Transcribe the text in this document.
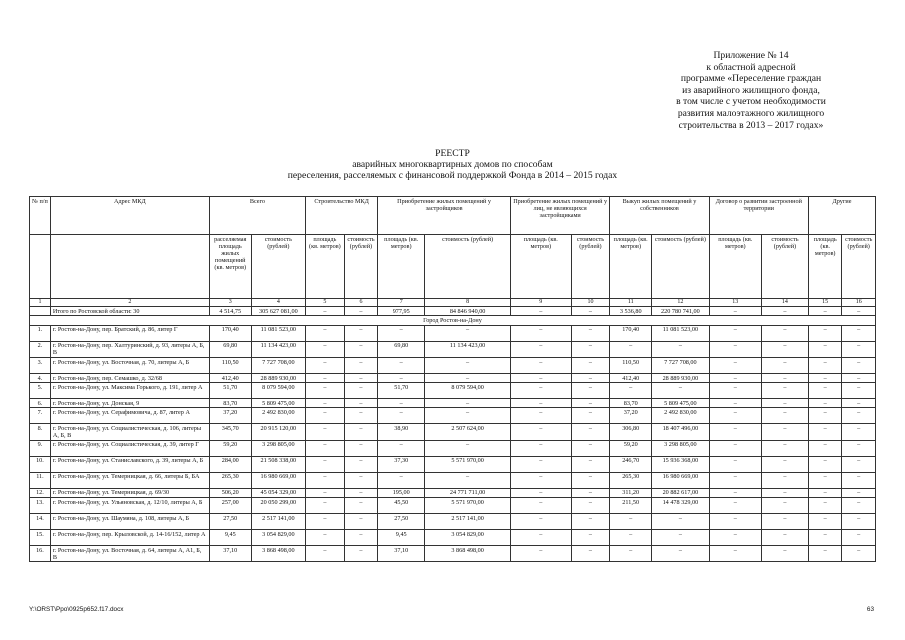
Приложение № 14
к областной адресной
программе «Переселение граждан
из аварийного жилищного фонда,
в том числе с учетом необходимости
развития малоэтажного жилищного
строительства в 2013 – 2017 годах»
РЕЕСТР
аварийных многоквартирных домов по способам
переселения, расселяемых с финансовой поддержкой Фонда в 2014 – 2015 годах
№ п/п	Адрес МКД	Всего		Строительство МКД		Приобретение жилых помещений у застройщиков		Приобретение жилых помещений у лиц, не являющихся застройщиками		Выкуп жилых помещений у собственников		Договор о развитии застроенной территории		Другие	
		расселяемая площадь жилых помещений (кв. метров)	стоимость (рублей)	площадь (кв. метров)	стоимость (рублей)	площадь (кв. метров)	стоимость (рублей)	площадь (кв. метров)	стоимость (рублей)	площадь (кв. метров)	стоимость (рублей)	площадь (кв. метров)	стоимость (рублей)	площадь (кв. метров)	стоимость (рублей)
1	2	3	4	5	6	7	8	9	10	11	12	13	14	15	16
	Итого по Ростовской области: 30	4 514,75	305 627 081,00	–	–	977,95	84 846 940,00	–	–	3 536,80	220 780 741,00	–	–	–	–
Город Ростов-на-Дону															
1.	г. Ростов-на-Дону, пер. Братский, д. 86, литер Г	170,40	11 081 523,00	–	–	–	–	–	–	170,40	11 081 523,00	–	–	–	–
2.	г. Ростов-на-Дону, пер. Халтуринский, д. 93, литеры А, Б, В	69,80	11 134 423,00	–	–	69,80	11 134 423,00	–	–	–	–	–	–	–	–
3.	г. Ростов-на-Дону, ул. Восточная, д. 70, литеры А, Б	110,50	7 727 708,00	–	–	–	–	–	–	110,50	7 727 708,00	–	–	–	–
4.	г. Ростов-на-Дону, пер. Семашко, д. 32/68	412,40	28 889 930,00	–	–	–	–	–	–	412,40	28 889 930,00	–	–	–	–
5.	г. Ростов-на-Дону, ул. Максима Горького, д. 191, литер А	51,70	8 079 594,00	–	–	51,70	8 079 594,00	–	–	–	–	–	–	–	–
6.	г. Ростов-на-Дону, ул. Донская, 9	83,70	5 809 475,00	–	–	–	–	–	–	83,70	5 809 475,00	–	–	–	–
7.	г. Ростов-на-Дону, ул. Серафимовича, д. 87, литер А	37,20	2 492 830,00	–	–	–	–	–	–	37,20	2 492 830,00	–	–	–	–
8.	г. Ростов-на-Дону, ул. Социалистическая, д. 106, литеры А, Б, В	345,70	20 915 120,00	–	–	38,90	2 507 624,00	–	–	306,80	18 407 496,00	–	–	–	–
9.	г. Ростов-на-Дону, ул. Социалистическая, д. 39, литер Г	59,20	3 298 805,00	–	–	–	–	–	–	59,20	3 298 805,00	–	–	–	–
10.	г. Ростов-на-Дону, ул. Станиславского, д. 39, литеры А, Б	284,00	21 508 338,00	–	–	37,30	5 571 970,00	–	–	246,70	15 936 368,00	–	–	–	–
11.	г. Ростов-на-Дону, ул. Темерницкая, д. 66, литеры Б, БА	265,30	16 980 669,00	–	–	–	–	–	–	265,30	16 980 669,00	–	–	–	–
12.	г. Ростов-на-Дону, ул. Темерницкая, д. 69/30	506,20	45 054 329,00	–	–	195,00	24 771 711,00	–	–	311,20	20 882 617,00	–	–	–	–
13.	г. Ростов-на-Дону, ул. Ульяновская, д. 12/10, литеры А, Б	257,00	20 050 299,00	–	–	45,50	5 571 970,00	–	–	211,50	14 478 329,00	–	–	–	–
14.	г. Ростов-на-Дону, ул. Шаумяна, д. 108, литеры А, Б	27,50	2 517 141,00	–	–	27,50	2 517 141,00	–	–	–	–	–	–	–	–
15.	г. Ростов-на-Дону, пер. Крыловской, д. 14-16/152, литер А	9,45	3 054 829,00	–	–	9,45	3 054 829,00	–	–	–	–	–	–	–	–
16.	г. Ростов-на-Дону, ул. Восточная, д. 64, литеры А, А1, Б, В	37,10	3 868 498,00	–	–	37,10	3 868 498,00	–	–	–	–	–	–	–	–
Y:\ORST\Ppo\0925p652.f17.docx	63
